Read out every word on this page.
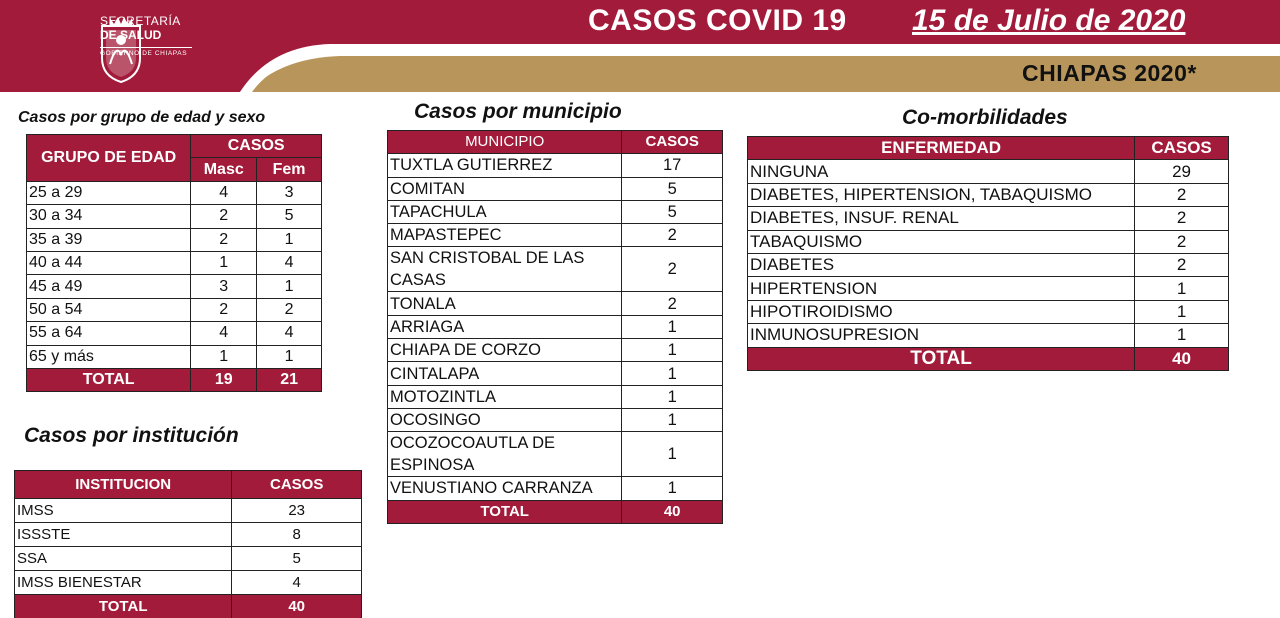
SECRETARÍA
DE SALUD
GOBIERNO DE CHIAPAS
CASOS COVID 19 15 de Julio de 2020
CHIAPAS 2020*
Casos por grupo de edad y sexo
GRUPO DE EDAD	CASOS	
	Masc	Fem
25 a 29	4	3
30 a 34	2	5
35 a 39	2	1
40 a 44	1	4
45 a 49	3	1
50 a 54	2	2
55 a 64	4	4
65 y más	1	1
TOTAL	19	21
Casos por institución
INSTITUCION	CASOS
IMSS	23
ISSSTE	8
SSA	5
IMSS BIENESTAR	4
TOTAL	40
Casos por municipio
MUNICIPIO	CASOS
TUXTLA GUTIERREZ	17
COMITAN	5
TAPACHULA	5
MAPASTEPEC	2
SAN CRISTOBAL DE LAS CASAS	2
TONALA	2
ARRIAGA	1
CHIAPA DE CORZO	1
CINTALAPA	1
MOTOZINTLA	1
OCOSINGO	1
OCOZOCOAUTLA DE ESPINOSA	1
VENUSTIANO CARRANZA	1
TOTAL	40
Co-morbilidades
ENFERMEDAD	CASOS
NINGUNA	29
DIABETES, HIPERTENSION, TABAQUISMO	2
DIABETES, INSUF. RENAL	2
TABAQUISMO	2
DIABETES	2
HIPERTENSION	1
HIPOTIROIDISMO	1
INMUNOSUPRESION	1
TOTAL	40
